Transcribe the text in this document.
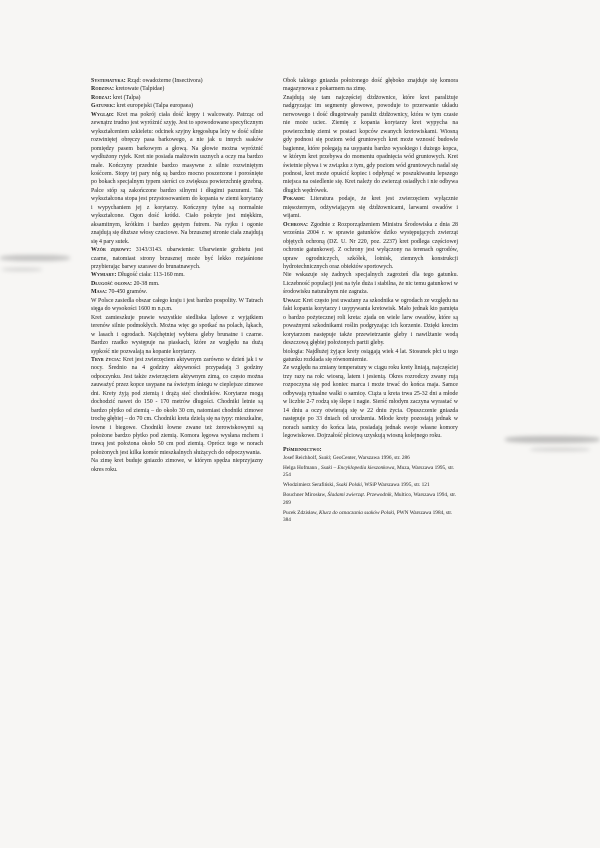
Systematyka: Rząd: owadożerne (Insectivora)

Rodzina: kretowate (Talpidae)

Rodzaj: kret (Talpa)

Gatunek: kret europejski (Talpa europaea)

Wygląd: Kret ma pokrój ciała dość krępy i walcowaty. Patrząc od zewnątrz trudno jest wyróżnić szyję. Jest to spowodowane specyficznym wykształceniem szkieletu: odcinek szyjny kręgosłupa leży w dość silnie rozwiniętej obręczy pasa barkowego, a nie jak u innych ssaków pomiędzy pasem barkowym a głową. Na głowie można wyróżnić wydłużony ryjek. Kret nie posiada małżowin usznych a oczy ma bardzo małe. Kończyny przednie bardzo masywne z silnie rozwiniętym kośćcem. Stopy tej pary nóg są bardzo mocno poszerzone i porośnięte po bokach specjalnym typem sierści co zwiększa powierzchnię grzebną. Palce stóp są zakończone bardzo silnymi i długimi pazurami. Tak wykształcona stopa jest przystosowaniem do kopania w ziemi korytarzy i wypychaniem jej z korytarzy. Kończyny tylne są normalnie wykształcone. Ogon dość krótki. Ciało pokryte jest miękkim, aksamitnym, krótkim i bardzo gęstym futrem. Na ryjku i ogonie znajdują się dłuższe włosy czuciowe. Na brzusznej stronie ciała znajdują się 4 pary sutek.

Wzór zębowy: 3143/3143. ubarwienie: Ubarwienie grzbietu jest czarne, natomiast strony brzusznej może być lekko rozjaśnione przybierając barwy szarawe do brunatnawych.

Wymiary: Długość ciała: 113-160 mm.

Długość ogona: 20-38 mm.

Masa: 70-450 gramów.

W Polsce zasiedla obszar całego kraju i jest bardzo pospolity. W Tatrach sięga do wysokości 1600 m n.p.m.

Kret zamieszkuje prawie wszystkie siedliska lądowe z wyjątkiem terenów silnie podmokłych. Można więc go spotkać na polach, łąkach, w lasach i ogrodach. Najchętniej wybiera gleby brunatne i czarne. Bardzo rzadko występuje na piaskach, które ze względu na dużą sypkość nie pozwalają na kopanie korytarzy.

Tryb życia: Kret jest zwierzęciem aktywnym zarówno w dzień jak i w nocy. Średnio na 4 godziny aktywności przypadają 3 godziny odpoczynku. Jest także zwierzęciem aktywnym zimą, co często można zauważyć przez kopce usypane na świeżym śniegu w cieplejsze zimowe dni. Krety żyją pod ziemią i drążą sieć chodników. Korytarze mogą dochodzić nawet do 150 - 170 metrów długości. Chodniki letnie są bardzo płytko od ziemią – do około 30 cm, natomiast chodniki zimowe trochę głębiej – do 70 cm. Chodniki kreta dzielą się na typy: mieszkalne, łowne i biegowe. Chodniki łowne zwane też żerowiskowymi są położone bardzo płytko pod ziemią. Komora lęgowa wysłana mchem i trawą jest położona około 50 cm pod ziemią. Oprócz tego w norach położonych jest kilka komór mieszkalnych służących do odpoczywania.

Na zimę kret buduje gniazdo zimowe, w którym spędza nieprzyjazny okres roku.

Obok takiego gniazda położonego dość głęboko znajduje się komora magazynowa z pokarmem na zimę.

Znajdują się tam najczęściej dżdżownice, które kret paraliżuje nadgryzając im segmenty głowowe, powoduje to przerwanie układu nerwowego i dość długotrwały paraliż dżdżownicy, która w tym czasie nie może uciec. Ziemię z kopania korytarzy kret wypycha na powierzchnię ziemi w postaci kopców zwanych kretowiskami. Wiosną gdy podnosi się poziom wód gruntowych kret może wznosić budowle bagienne, które polegają na usypaniu bardzo wysokiego i dużego kopca, w którym kret przebywa do momentu opadnięcia wód gruntowych. Kret świetnie pływa i w związku z tym, gdy poziom wód gruntowych nadal się podnosi, kret może opuścić kopiec i odpłynąć w poszukiwaniu lepszego miejsca na osiedlenie się. Kret należy do zwierząt osiadłych i nie odbywa długich wędrówek.

Pokarm: Literatura podaje, że kret jest zwierzęciem wyłącznie mięsożernym, odżywiającym się dżdżownicami, larwami owadów i wijami.

Ochrona: Zgodnie z Rozporządzeniem Ministra Środowiska z dnia 28 września 2004 r. w sprawie gatunków dziko występujących zwierząt objętych ochroną (DZ. U. Nr 220, poz. 2237) kret podlega częściowej ochronie gatunkowej. Z ochrony jest wyłączony na terenach ogrodów, upraw ogrodniczych, szkółek, lotnisk, ziemnych konstrukcji hydrotechnicznych oraz obiektów sportowych.

Nie wskazuje się żadnych specjalnych zagrożeń dla tego gatunku. Liczebność populacji jest na tyle duża i stabilna, że nic temu gatunkowi w środowisku naturalnym nie zagraża.

Uwagi: Kret często jest uważany za szkodnika w ogrodach ze względu na fakt kopania korytarzy i usypywania kretowisk. Mało jednak kto pamięta o bardzo pożytecznej roli kreta: zjada on wiele larw owadów, które są poważnymi szkodnikami roślin podgryzając ich korzenie. Dzięki krecim korytarzom następuje także przewietrzanie gleby i nawilżanie wodą deszczową głębiej położonych partii gleby.

biologia: Najdłużej żyjące krety osiągają wiek 4 lat. Stosunek płci u tego gatunku rozkłada się równomiernie.

Ze względu na zmiany temperatury w ciągu roku krety liniają, najczęściej trzy razy na rok: wiosną, latem i jesienią. Okres rozrodczy zwany rują rozpoczyna się pod koniec marca i może trwać do końca maja. Samce odbywają rytualne walki o samicę. Ciąża u kreta trwa 25-32 dni a młode w liczbie 2-7 rodzą się ślepe i nagie. Sierść młodym zaczyna wyrastać w 14 dniu a oczy otwierają się w 22 dniu życia. Opuszczenie gniazda następuje po 33 dniach od urodzenia. Młode krety pozostają jednak w norach samicy do końca lata, posiadają jednak swoje własne komory legowiskowe. Dojrzałość płciową uzyskują wiosną kolejnego roku.

Piśmiennictwo:

Josef Reichholf, Ssaki; GeoCenter, Warszawa 1996, str. 286

Helga Hofmann , Ssaki – Encyklopedia kieszonkowa, Muza, Warszawa 1995, str. 254

Włodzimierz Serafiński, Ssaki Polski, WSiP Warszawa 1995, str. 121

Bouchner Mirosław, Śladami zwierząt. Przewodnik, Multico, Warszawa 1994, str. 269

Pucek Zdzisław, Klucz do oznaczania ssaków Polski, PWN Warszawa 1984, str. 384
